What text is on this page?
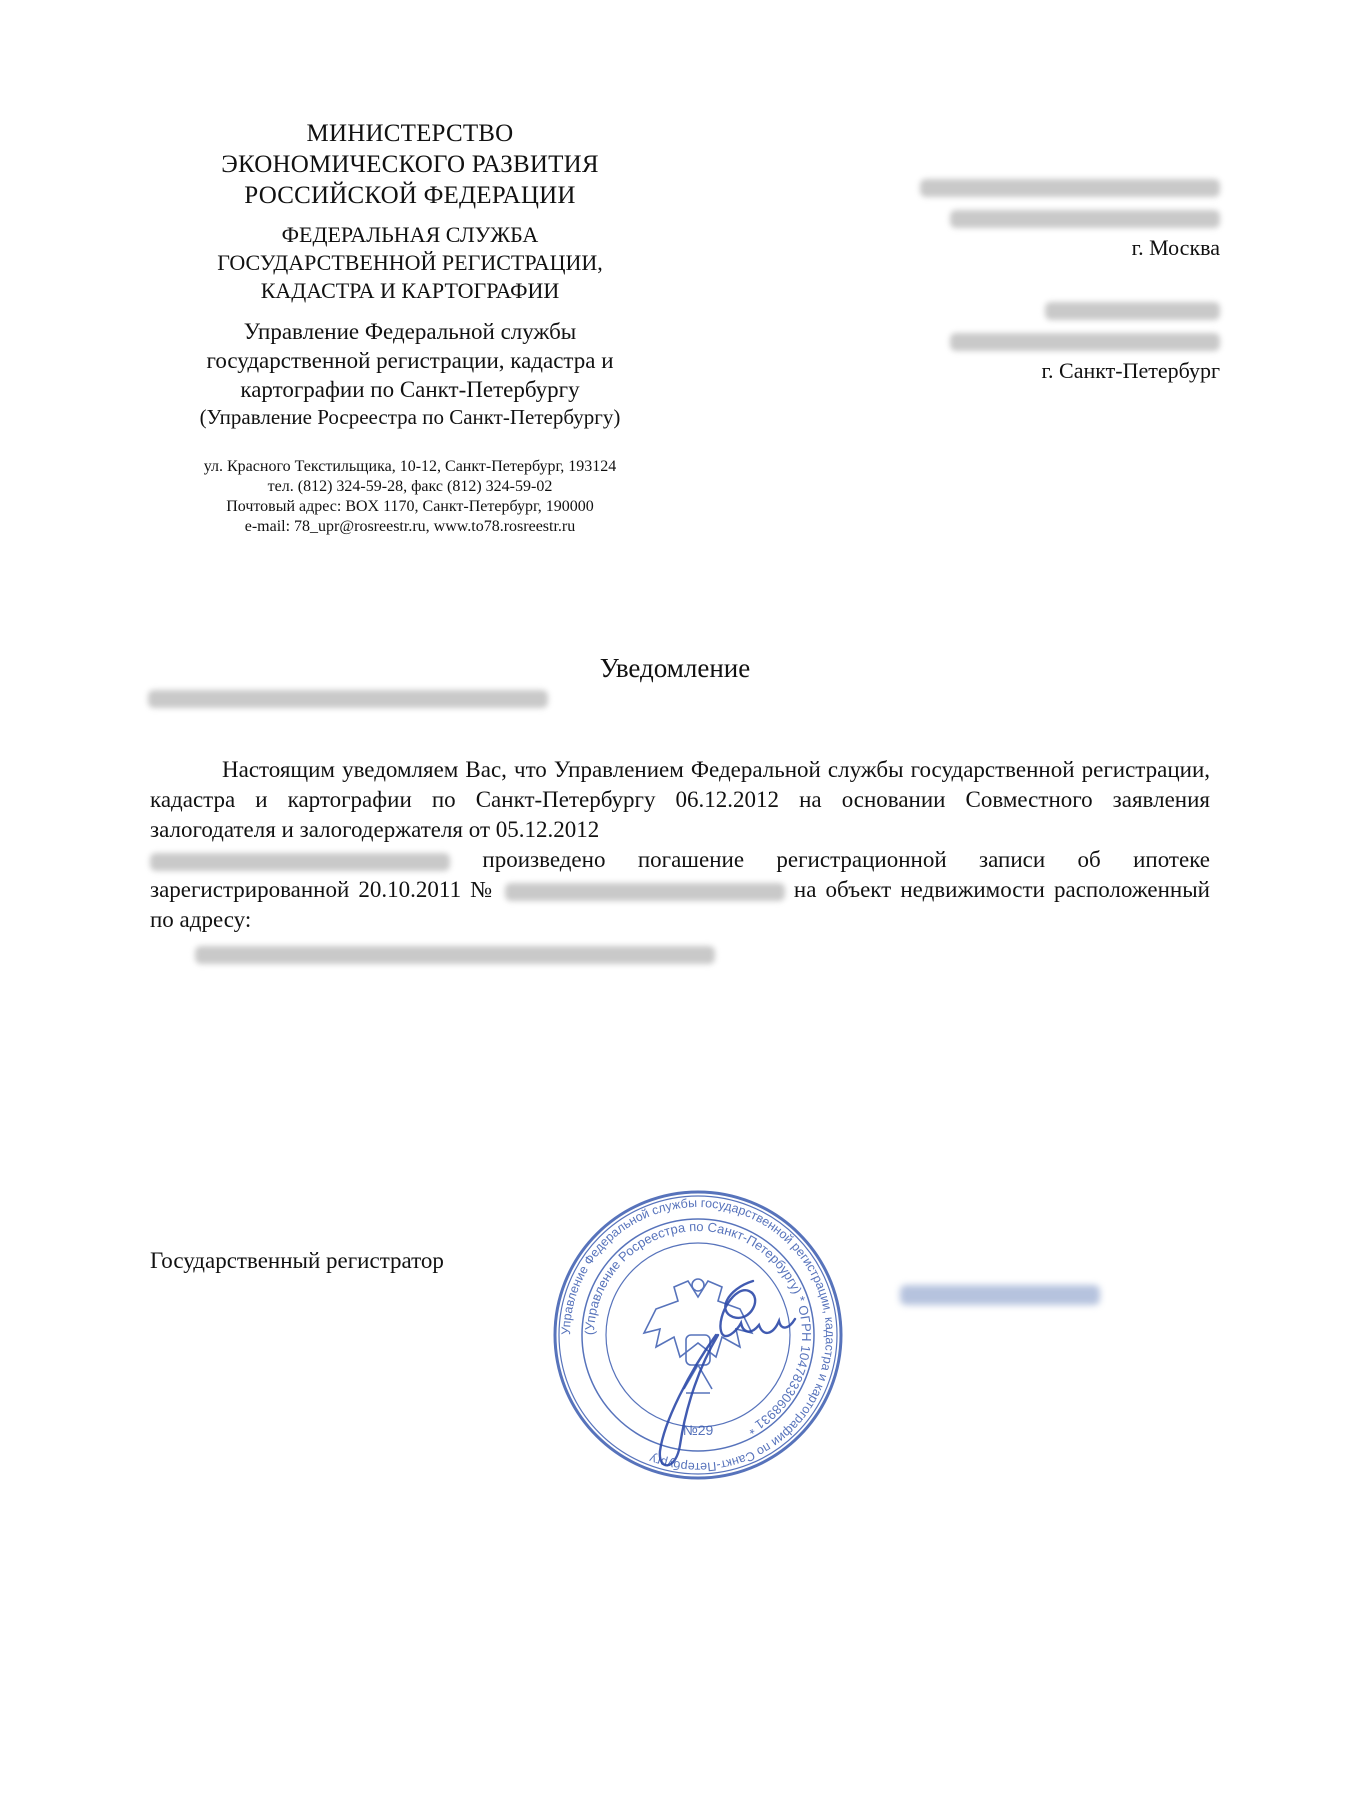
МИНИСТЕРСТВО
ЭКОНОМИЧЕСКОГО РАЗВИТИЯ
РОССИЙСКОЙ ФЕДЕРАЦИИ
ФЕДЕРАЛЬНАЯ СЛУЖБА
ГОСУДАРСТВЕННОЙ РЕГИСТРАЦИИ,
КАДАСТРА И КАРТОГРАФИИ
Управление Федеральной службы
государственной регистрации, кадастра и
картографии по Санкт-Петербургу
(Управление Росреестра по Санкт-Петербургу)
ул. Красного Текстильщика, 10-12, Санкт-Петербург, 193124
тел. (812) 324-59-28, факс (812) 324-59-02
Почтовый адрес: BOX 1170, Санкт-Петербург, 190000
e-mail: 78_upr@rosreestr.ru, www.to78.rosreestr.ru
г. Москва
г. Санкт-Петербург
Уведомление
Настоящим уведомляем Вас, что Управлением Федеральной службы государственной регистрации, кадастра и картографии по Санкт-Петербургу 06.12.2012 на основании Совместного заявления залогодателя и залогодержателя от 05.12.2012
произведено погашение регистрационной записи об ипотеке зарегистрированной 20.10.2011 №	на объект недвижимости расположенный по адресу:
Государственный регистратор
Управление Федеральной службы государственной регистрации, кадастра и картографии по Санкт-Петербургу
(Управление Росреестра по Санкт-Петербургу) * ОГРН 1047833068931 *
№29
